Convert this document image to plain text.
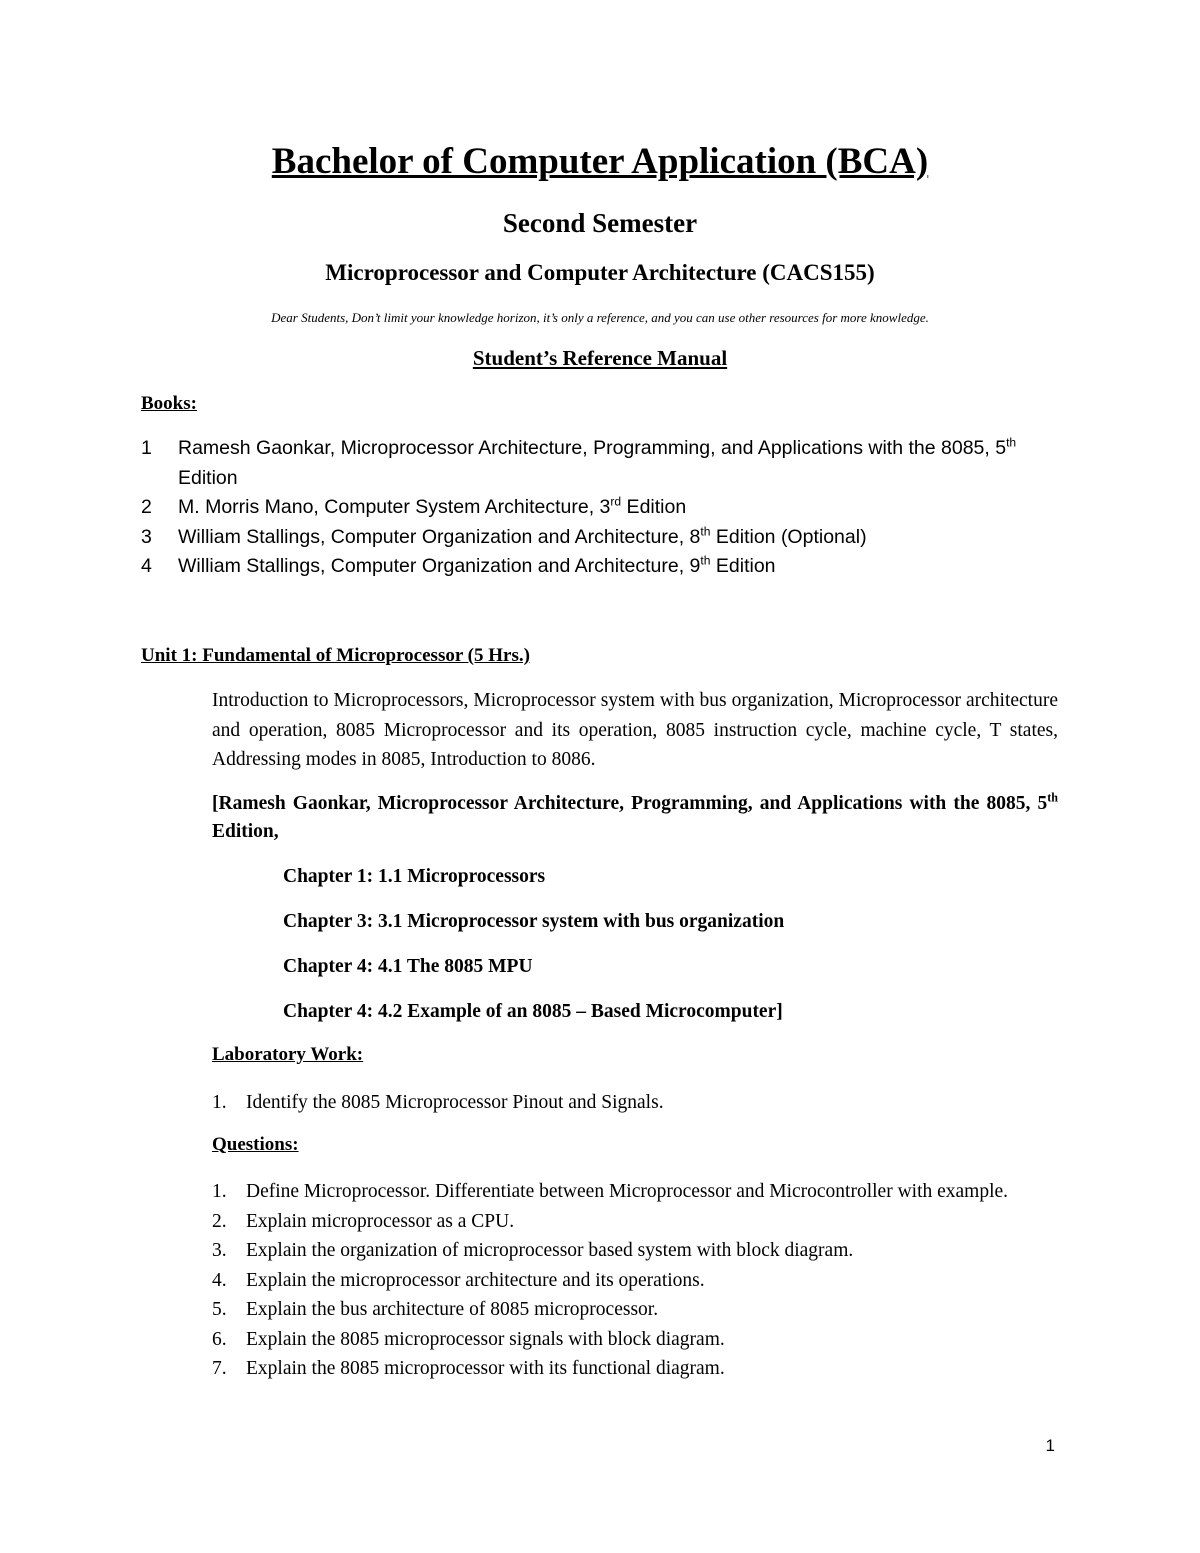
Bachelor of Computer Application (BCA)
Second Semester
Microprocessor and Computer Architecture (CACS155)
Dear Students, Don’t limit your knowledge horizon, it’s only a reference, and you can use other resources for more knowledge.
Student’s Reference Manual
Books:
1 Ramesh Gaonkar, Microprocessor Architecture, Programming, and Applications with the 8085, 5th Edition
2 M. Morris Mano, Computer System Architecture, 3rd Edition
3 William Stallings, Computer Organization and Architecture, 8th Edition (Optional)
4 William Stallings, Computer Organization and Architecture, 9th Edition
Unit 1: Fundamental of Microprocessor (5 Hrs.)

Introduction to Microprocessors, Microprocessor system with bus organization, Microprocessor architecture and operation, 8085 Microprocessor and its operation, 8085 instruction cycle, machine cycle, T states, Addressing modes in 8085, Introduction to 8086.

[Ramesh Gaonkar, Microprocessor Architecture, Programming, and Applications with the 8085, 5th Edition,

Chapter 1: 1.1 Microprocessors
Chapter 3: 3.1 Microprocessor system with bus organization
Chapter 4: 4.1 The 8085 MPU
Chapter 4: 4.2 Example of an 8085 – Based Microcomputer]
Laboratory Work:
1. Identify the 8085 Microprocessor Pinout and Signals.
Questions:
1. Define Microprocessor. Differentiate between Microprocessor and Microcontroller with example.
2. Explain microprocessor as a CPU.
3. Explain the organization of microprocessor based system with block diagram.
4. Explain the microprocessor architecture and its operations.
5. Explain the bus architecture of 8085 microprocessor.
6. Explain the 8085 microprocessor signals with block diagram.
7. Explain the 8085 microprocessor with its functional diagram.
1
